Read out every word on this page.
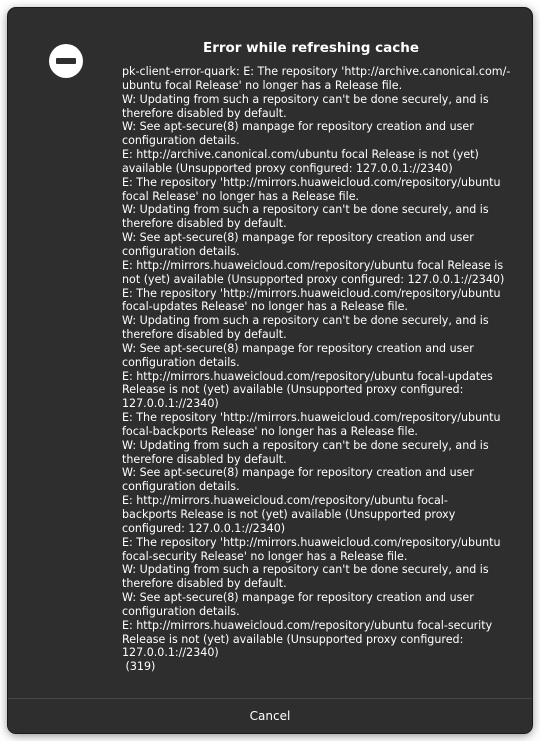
Error while refreshing cache
pk-client-error-quark: E: The repository 'http://archive.canonical.com/-
ubuntu focal Release' no longer has a Release file.
W: Updating from such a repository can't be done securely, and is
therefore disabled by default.
W: See apt-secure(8) manpage for repository creation and user
configuration details.
E: http://archive.canonical.com/ubuntu focal Release is not (yet)
available (Unsupported proxy configured: 127.0.0.1://2340)
E: The repository 'http://mirrors.huaweicloud.com/repository/ubuntu
focal Release' no longer has a Release file.
W: Updating from such a repository can't be done securely, and is
therefore disabled by default.
W: See apt-secure(8) manpage for repository creation and user
configuration details.
E: http://mirrors.huaweicloud.com/repository/ubuntu focal Release is
not (yet) available (Unsupported proxy configured: 127.0.0.1://2340)
E: The repository 'http://mirrors.huaweicloud.com/repository/ubuntu
focal-updates Release' no longer has a Release file.
W: Updating from such a repository can't be done securely, and is
therefore disabled by default.
W: See apt-secure(8) manpage for repository creation and user
configuration details.
E: http://mirrors.huaweicloud.com/repository/ubuntu focal-updates
Release is not (yet) available (Unsupported proxy configured:
127.0.0.1://2340)
E: The repository 'http://mirrors.huaweicloud.com/repository/ubuntu
focal-backports Release' no longer has a Release file.
W: Updating from such a repository can't be done securely, and is
therefore disabled by default.
W: See apt-secure(8) manpage for repository creation and user
configuration details.
E: http://mirrors.huaweicloud.com/repository/ubuntu focal-
backports Release is not (yet) available (Unsupported proxy
configured: 127.0.0.1://2340)
E: The repository 'http://mirrors.huaweicloud.com/repository/ubuntu
focal-security Release' no longer has a Release file.
W: Updating from such a repository can't be done securely, and is
therefore disabled by default.
W: See apt-secure(8) manpage for repository creation and user
configuration details.
E: http://mirrors.huaweicloud.com/repository/ubuntu focal-security
Release is not (yet) available (Unsupported proxy configured:
127.0.0.1://2340)
(319)
Cancel
